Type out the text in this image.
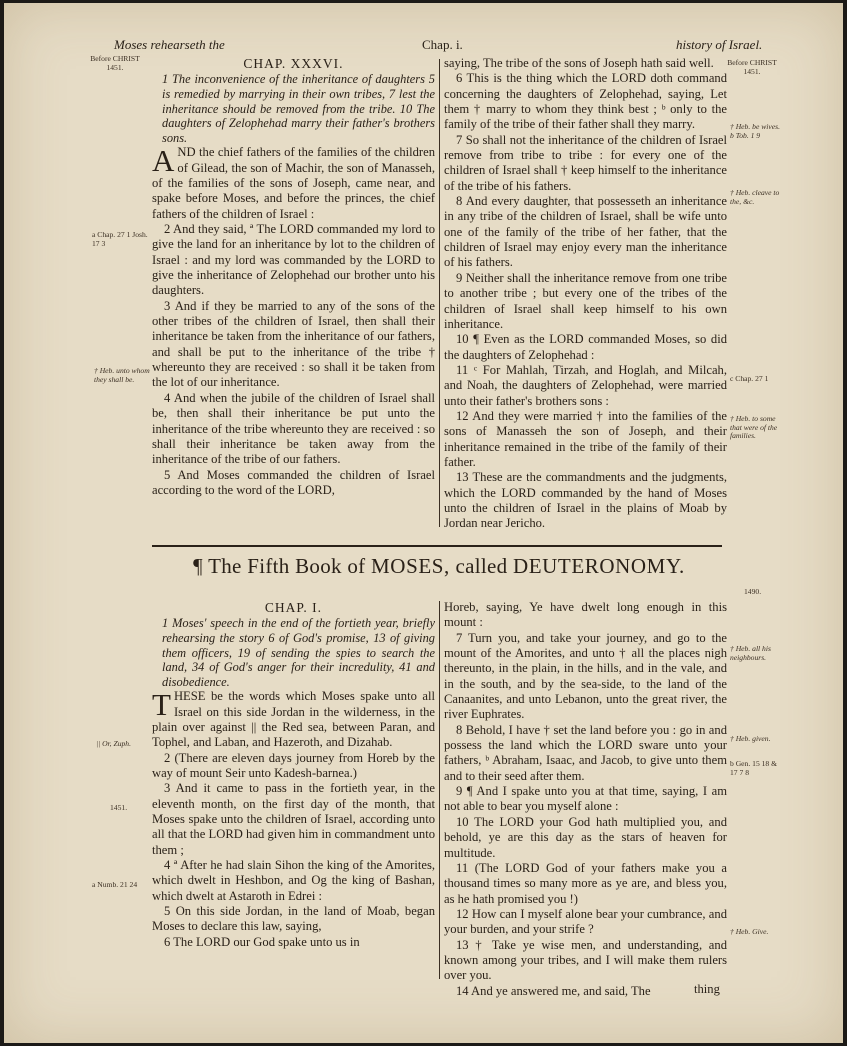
Moses rehearseth the	Chap. i.	history of Israel.
Before CHRIST 1451.
Before CHRIST 1451.
a Chap. 27 1 Josh. 17 3
† Heb. unto whom they shall be.
† Heb. be wives. b Tob. 1 9
† Heb. cleave to the, &c.
c Chap. 27 1
† Heb. to some that were of the families.
1490.
|| Or, Zuph.
1451.
† Heb. all his neighbours.
† Heb. given.
b Gen. 15 18 & 17 7 8
a Numb. 21 24
† Heb. Give.
CHAP. XXXVI.

1 The inconvenience of the inheritance of daughters 5 is remedied by marrying in their own tribes, 7 lest the inheritance should be removed from the tribe. 10 The daughters of Zelophehad marry their father's brothers sons.

AND the chief fathers of the families of the children of Gilead, the son of Machir, the son of Manasseh, of the families of the sons of Joseph, came near, and spake before Moses, and before the princes, the chief fathers of the children of Israel :

2 And they said, ª The LORD commanded my lord to give the land for an inheritance by lot to the children of Israel : and my lord was commanded by the LORD to give the inheritance of Zelophehad our brother unto his daughters.

3 And if they be married to any of the sons of the other tribes of the children of Israel, then shall their inheritance be taken from the inheritance of our fathers, and shall be put to the inheritance of the tribe † whereunto they are received : so shall it be taken from the lot of our inheritance.

4 And when the jubile of the children of Israel shall be, then shall their inheritance be put unto the inheritance of the tribe whereunto they are received : so shall their inheritance be taken away from the inheritance of the tribe of our fathers.

5 And Moses commanded the children of Israel according to the word of the LORD,

saying, The tribe of the sons of Joseph hath said well.

6 This is the thing which the LORD doth command concerning the daughters of Zelophehad, saying, Let them † marry to whom they think best ; ᵇ only to the family of the tribe of their father shall they marry.

7 So shall not the inheritance of the children of Israel remove from tribe to tribe : for every one of the children of Israel shall † keep himself to the inheritance of the tribe of his fathers.

8 And every daughter, that possesseth an inheritance in any tribe of the children of Israel, shall be wife unto one of the family of the tribe of her father, that the children of Israel may enjoy every man the inheritance of his fathers.

9 Neither shall the inheritance remove from one tribe to another tribe ; but every one of the tribes of the children of Israel shall keep himself to his own inheritance.

10 ¶ Even as the LORD commanded Moses, so did the daughters of Zelophehad :

11 ᶜ For Mahlah, Tirzah, and Hoglah, and Milcah, and Noah, the daughters of Zelophehad, were married unto their father's brothers sons :

12 And they were married † into the families of the sons of Manasseh the son of Joseph, and their inheritance remained in the tribe of the family of their father.

13 These are the commandments and the judgments, which the LORD commanded by the hand of Moses unto the children of Israel in the plains of Moab by Jordan near Jericho.

¶ The Fifth Book of MOSES, called DEUTERONOMY.
CHAP. I.

1 Moses' speech in the end of the fortieth year, briefly rehearsing the story 6 of God's promise, 13 of giving them officers, 19 of sending the spies to search the land, 34 of God's anger for their incredulity, 41 and disobedience.

THESE be the words which Moses spake unto all Israel on this side Jordan in the wilderness, in the plain over against || the Red sea, between Paran, and Tophel, and Laban, and Hazeroth, and Dizahab.

2 (There are eleven days journey from Horeb by the way of mount Seir unto Kadesh-barnea.)

3 And it came to pass in the fortieth year, in the eleventh month, on the first day of the month, that Moses spake unto the children of Israel, according unto all that the LORD had given him in commandment unto them ;

4 ª After he had slain Sihon the king of the Amorites, which dwelt in Heshbon, and Og the king of Bashan, which dwelt at Astaroth in Edrei :

5 On this side Jordan, in the land of Moab, began Moses to declare this law, saying,

6 The LORD our God spake unto us in

Horeb, saying, Ye have dwelt long enough in this mount :

7 Turn you, and take your journey, and go to the mount of the Amorites, and unto † all the places nigh thereunto, in the plain, in the hills, and in the vale, and in the south, and by the sea-side, to the land of the Canaanites, and unto Lebanon, unto the great river, the river Euphrates.

8 Behold, I have † set the land before you : go in and possess the land which the LORD sware unto your fathers, ᵇ Abraham, Isaac, and Jacob, to give unto them and to their seed after them.

9 ¶ And I spake unto you at that time, saying, I am not able to bear you myself alone :

10 The LORD your God hath multiplied you, and behold, ye are this day as the stars of heaven for multitude.

11 (The LORD God of your fathers make you a thousand times so many more as ye are, and bless you, as he hath promised you !)

12 How can I myself alone bear your cumbrance, and your burden, and your strife ?

13 † Take ye wise men, and understanding, and known among your tribes, and I will make them rulers over you.

14 And ye answered me, and said, The	thing
